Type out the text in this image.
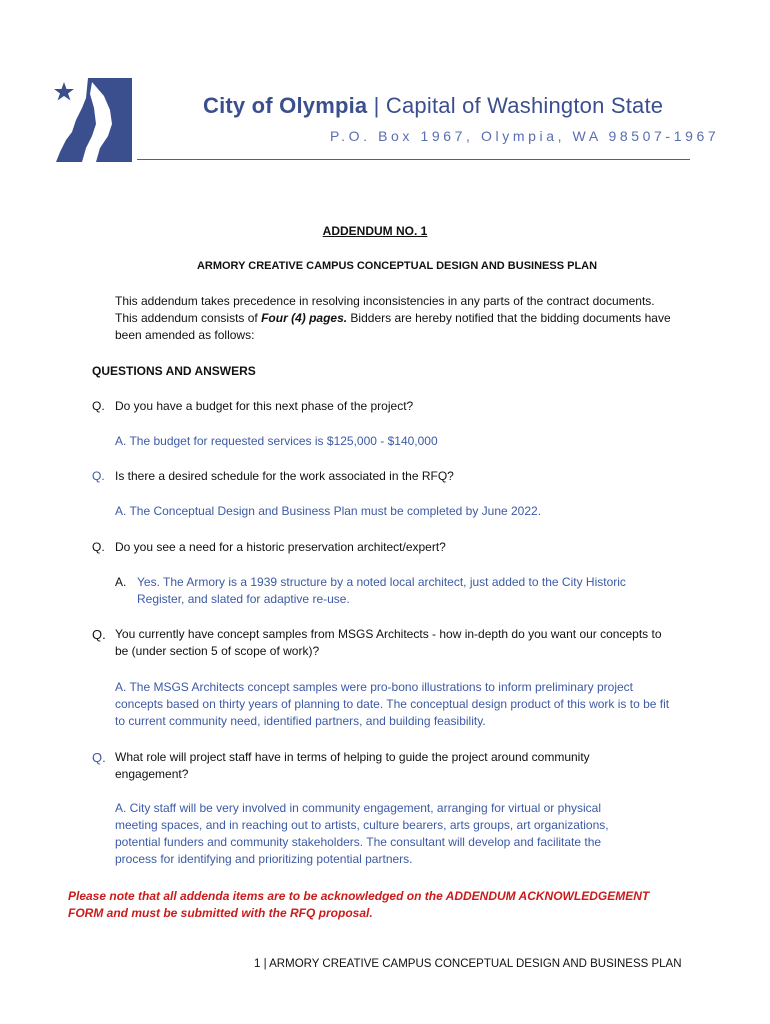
City of Olympia | Capital of Washington State
P.O. Box 1967, Olympia, WA 98507-1967
ADDENDUM NO. 1
ARMORY CREATIVE CAMPUS CONCEPTUAL DESIGN AND BUSINESS PLAN
This addendum takes precedence in resolving inconsistencies in any parts of the contract documents. This addendum consists of Four (4) pages. Bidders are hereby notified that the bidding documents have been amended as follows:
QUESTIONS AND ANSWERS
Q. Do you have a budget for this next phase of the project?
A. The budget for requested services is $125,000 - $140,000
Q. Is there a desired schedule for the work associated in the RFQ?
A. The Conceptual Design and Business Plan must be completed by June 2022.
Q. Do you see a need for a historic preservation architect/expert?
A. Yes. The Armory is a 1939 structure by a noted local architect, just added to the City Historic Register, and slated for adaptive re-use.
Q. You currently have concept samples from MSGS Architects - how in-depth do you want our concepts to be (under section 5 of scope of work)?
A. The MSGS Architects concept samples were pro-bono illustrations to inform preliminary project concepts based on thirty years of planning to date. The conceptual design product of this work is to be fit to current community need, identified partners, and building feasibility.
Q. What role will project staff have in terms of helping to guide the project around community engagement?
A. City staff will be very involved in community engagement, arranging for virtual or physical meeting spaces, and in reaching out to artists, culture bearers, arts groups, art organizations, potential funders and community stakeholders. The consultant will develop and facilitate the process for identifying and prioritizing potential partners.
Please note that all addenda items are to be acknowledged on the ADDENDUM ACKNOWLEDGEMENT FORM and must be submitted with the RFQ proposal.
1 | ARMORY CREATIVE CAMPUS CONCEPTUAL DESIGN AND BUSINESS PLAN
